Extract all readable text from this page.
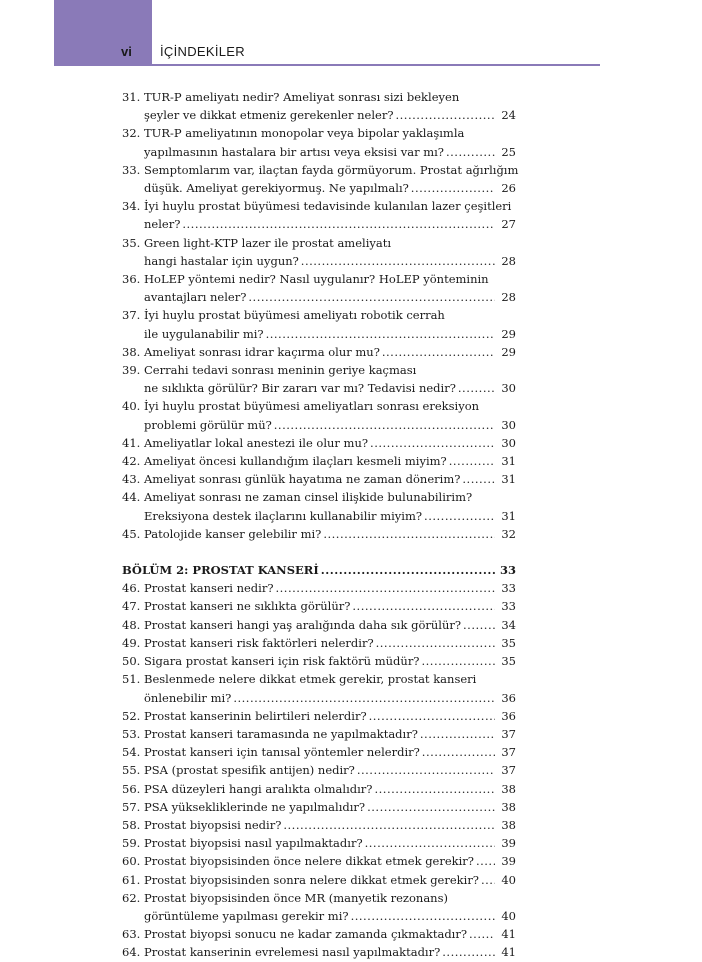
vi İÇİNDEKİLER
31. TUR-P ameliyatı nedir? Ameliyat sonrası sizi bekleyen
şeyler ve dikkat etmeniz gerekenler neler? .....	24
32. TUR-P ameliyatının monopolar veya bipolar yaklaşımla
yapılmasının hastalara bir artısı veya eksisi var mı? .....	25
33. Semptomlarım var, ilaçtan fayda görmüyorum. Prostat ağırlığım
düşük. Ameliyat gerekiyormuş. Ne yapılmalı? .....	26
34. İyi huylu prostat büyümesi tedavisinde kulanılan lazer çeşitleri
neler? .....	27
35. Green light-KTP lazer ile prostat ameliyatı
hangi hastalar için uygun? .....	28
36. HoLEP yöntemi nedir? Nasıl uygulanır? HoLEP yönteminin
avantajları neler? .....	28
37. İyi huylu prostat büyümesi ameliyatı robotik cerrah
ile uygulanabilir mi? .....	29
38. Ameliyat sonrası idrar kaçırma olur mu? .....	29
39. Cerrahi tedavi sonrası meninin geriye kaçması
ne sıklıkta görülür? Bir zararı var mı? Tedavisi nedir? .....	30
40. İyi huylu prostat büyümesi ameliyatları sonrası ereksiyon
problemi görülür mü? .....	30
41. Ameliyatlar lokal anestezi ile olur mu? .....	30
42. Ameliyat öncesi kullandığım ilaçları kesmeli miyim? .....	31
43. Ameliyat sonrası günlük hayatıma ne zaman dönerim? .....	31
44. Ameliyat sonrası ne zaman cinsel ilişkide bulunabilirim?
Ereksiyona destek ilaçlarını kullanabilir miyim? .....	31
45. Patolojide kanser gelebilir mi? .....	32
BÖLÜM 2: PROSTAT KANSERİ .....	33
46. Prostat kanseri nedir? .....	33
47. Prostat kanseri ne sıklıkta görülür? .....	33
48. Prostat kanseri hangi yaş aralığında daha sık görülür? .....	34
49. Prostat kanseri risk faktörleri nelerdir? .....	35
50. Sigara prostat kanseri için risk faktörü müdür? .....	35
51. Beslenmede nelere dikkat etmek gerekir, prostat kanseri
önlenebilir mi? .....	36
52. Prostat kanserinin belirtileri nelerdir? .....	36
53. Prostat kanseri taramasında ne yapılmaktadır? .....	37
54. Prostat kanseri için tanısal yöntemler nelerdir? .....	37
55. PSA (prostat spesifik antijen) nedir? .....	37
56. PSA düzeyleri hangi aralıkta olmalıdır? .....	38
57. PSA yüksekliklerinde ne yapılmalıdır? .....	38
58. Prostat biyopsisi nedir? .....	38
59. Prostat biyopsisi nasıl yapılmaktadır? .....	39
60. Prostat biyopsisinden önce nelere dikkat etmek gerekir? .....	39
61. Prostat biyopsisinden sonra nelere dikkat etmek gerekir? .....	40
62. Prostat biyopsisinden önce MR (manyetik rezonans)
görüntüleme yapılması gerekir mi? .....	40
63. Prostat biyopsi sonucu ne kadar zamanda çıkmaktadır? .....	41
64. Prostat kanserinin evrelemesi nasıl yapılmaktadır? .....	41
